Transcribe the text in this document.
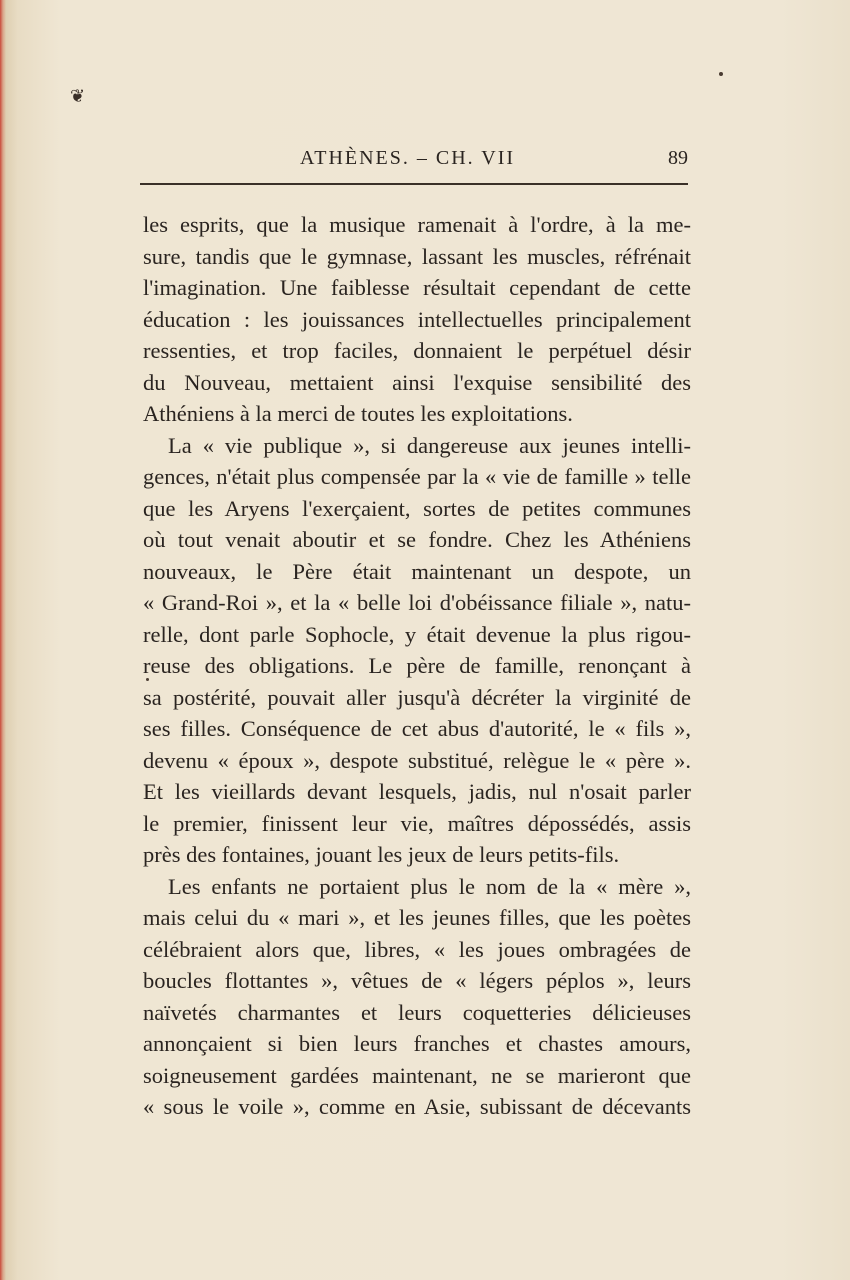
❦
ATHÈNES. – CH. VII	89
les esprits, que la musique ramenait à l'ordre, à la me-
sure, tandis que le gymnase, lassant les muscles, réfrénait
l'imagination. Une faiblesse résultait cependant de cette
éducation : les jouissances intellectuelles principalement
ressenties, et trop faciles, donnaient le perpétuel désir
du Nouveau, mettaient ainsi l'exquise sensibilité des
Athéniens à la merci de toutes les exploitations.
La « vie publique », si dangereuse aux jeunes intelli-
gences, n'était plus compensée par la « vie de famille » telle
que les Aryens l'exerçaient, sortes de petites communes
où tout venait aboutir et se fondre. Chez les Athéniens
nouveaux, le Père était maintenant un despote, un
« Grand-Roi », et la « belle loi d'obéissance filiale », natu-
relle, dont parle Sophocle, y était devenue la plus rigou-
reuse des obligations. Le père de famille, renonçant à
sa postérité, pouvait aller jusqu'à décréter la virginité de
ses filles. Conséquence de cet abus d'autorité, le « fils »,
devenu « époux », despote substitué, relègue le « père ».
Et les vieillards devant lesquels, jadis, nul n'osait parler
le premier, finissent leur vie, maîtres dépossédés, assis
près des fontaines, jouant les jeux de leurs petits-fils.
Les enfants ne portaient plus le nom de la « mère »,
mais celui du « mari », et les jeunes filles, que les poètes
célébraient alors que, libres, « les joues ombragées de
boucles flottantes », vêtues de « légers péplos », leurs
naïvetés charmantes et leurs coquetteries délicieuses
annonçaient si bien leurs franches et chastes amours,
soigneusement gardées maintenant, ne se marieront que
« sous le voile », comme en Asie, subissant de décevants
